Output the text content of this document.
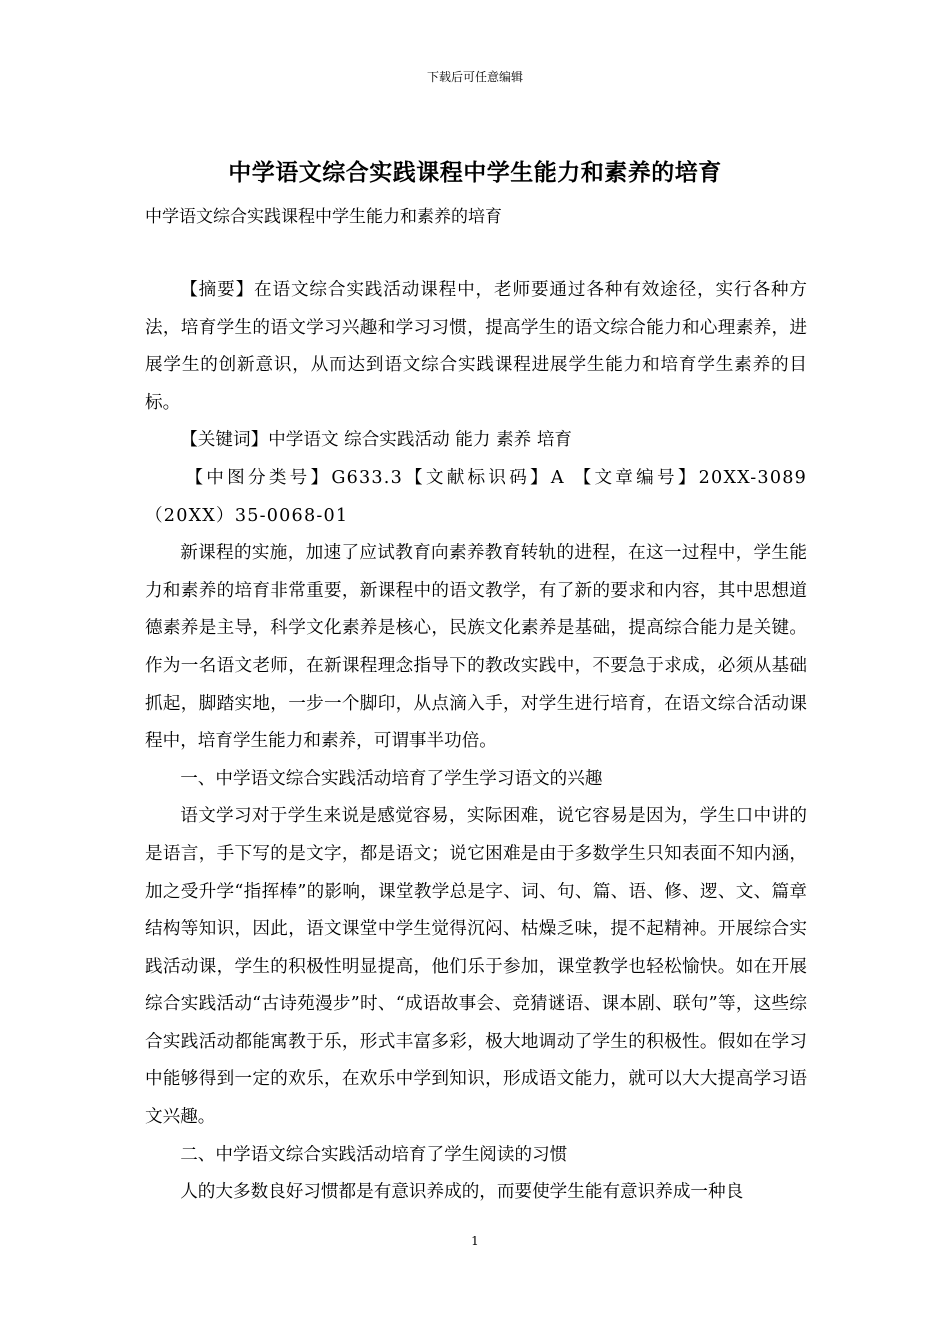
下载后可任意编辑
中学语文综合实践课程中学生能力和素养的培育
中学语文综合实践课程中学生能力和素养的培育

【摘要】在语文综合实践活动课程中，老师要通过各种有效途径，实行各种方法，培育学生的语文学习兴趣和学习习惯，提高学生的语文综合能力和心理素养，进展学生的创新意识，从而达到语文综合实践课程进展学生能力和培育学生素养的目标。

【关键词】中学语文 综合实践活动 能力 素养 培育

【中图分类号】G633.3【文献标识码】A 【文章编号】20XX-3089（20XX）35-0068-01

新课程的实施，加速了应试教育向素养教育转轨的进程，在这一过程中，学生能力和素养的培育非常重要，新课程中的语文教学，有了新的要求和内容，其中思想道德素养是主导，科学文化素养是核心，民族文化素养是基础，提高综合能力是关键。作为一名语文老师，在新课程理念指导下的教改实践中，不要急于求成，必须从基础抓起，脚踏实地，一步一个脚印，从点滴入手，对学生进行培育，在语文综合活动课程中，培育学生能力和素养，可谓事半功倍。

一、中学语文综合实践活动培育了学生学习语文的兴趣

语文学习对于学生来说是感觉容易，实际困难，说它容易是因为，学生口中讲的是语言，手下写的是文字，都是语文；说它困难是由于多数学生只知表面不知内涵，加之受升学“指挥棒”的影响，课堂教学总是字、词、句、篇、语、修、逻、文、篇章结构等知识，因此，语文课堂中学生觉得沉闷、枯燥乏味，提不起精神。开展综合实践活动课，学生的积极性明显提高，他们乐于参加，课堂教学也轻松愉快。如在开展综合实践活动“古诗苑漫步”时、“成语故事会、竞猜谜语、课本剧、联句”等，这些综合实践活动都能寓教于乐，形式丰富多彩，极大地调动了学生的积极性。假如在学习中能够得到一定的欢乐，在欢乐中学到知识，形成语文能力，就可以大大提高学习语文兴趣。

二、中学语文综合实践活动培育了学生阅读的习惯

人的大多数良好习惯都是有意识养成的，而要使学生能有意识养成一种良

1
